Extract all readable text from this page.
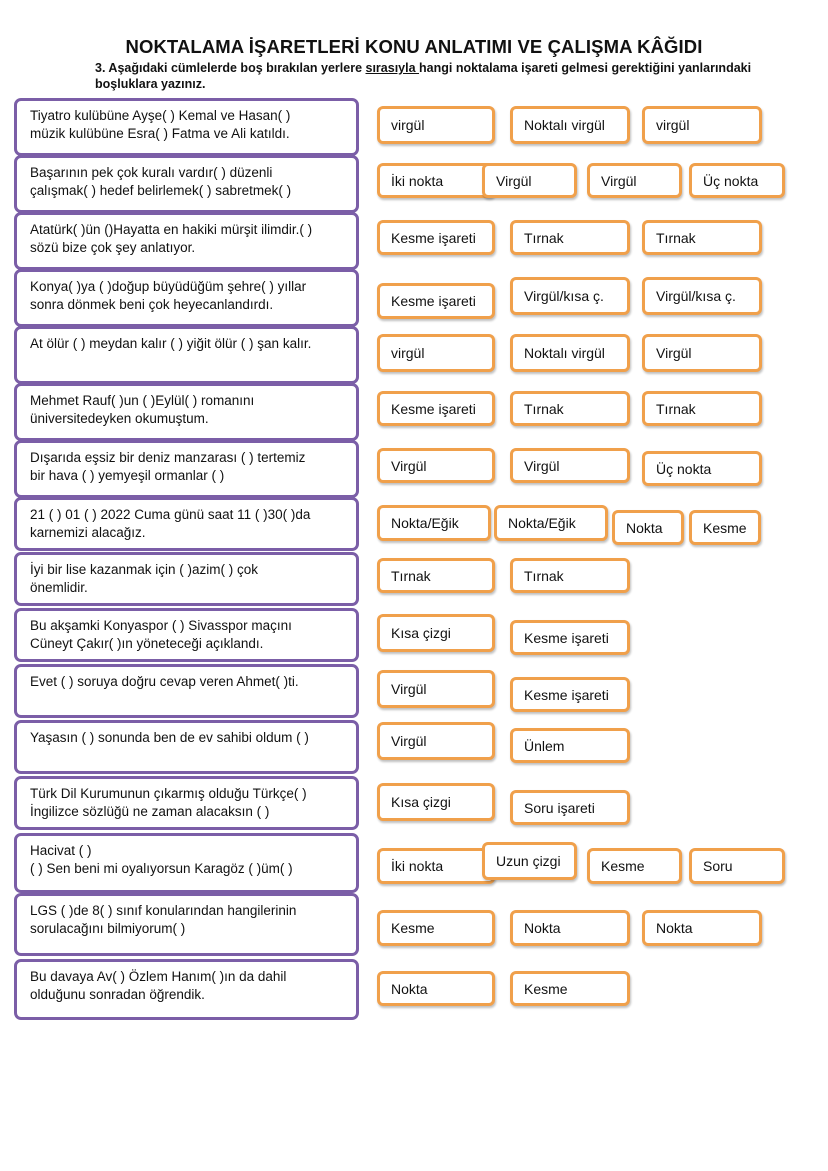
NOKTALAMA İŞARETLERİ KONU ANLATIMI VE ÇALIŞMA KÂĞIDI
3. Aşağıdaki cümlelerde boş bırakılan yerlere sırasıyla hangi noktalama işareti gelmesi gerektiğini yanlarındaki boşluklara yazınız.
Tiyatro kulübüne Ayşe( ) Kemal ve Hasan( )
müzik kulübüne Esra( ) Fatma ve Ali katıldı.
virgül	Noktalı virgül	virgül
Başarının pek çok kuralı vardır( ) düzenli
çalışmak( ) hedef belirlemek( ) sabretmek( )
İki nokta	Virgül	Virgül	Üç nokta
Atatürk( )ün ()Hayatta en hakiki mürşit ilimdir.( )
sözü bize çok şey anlatıyor.
Kesme işareti	Tırnak	Tırnak
Konya( )ya ( )doğup büyüdüğüm şehre( ) yıllar
sonra dönmek beni çok heyecanlandırdı.	Kesme işareti	Virgül/kısa ç.	Virgül/kısa ç.
At ölür ( ) meydan kalır ( ) yiğit ölür ( ) şan kalır.
virgül	Noktalı virgül	Virgül
Mehmet Rauf( )un ( )Eylül( ) romanını
üniversitedeyken okumuştum.
Kesme işareti	Tırnak	Tırnak
Dışarıda eşsiz bir deniz manzarası ( ) tertemiz
bir hava ( ) yemyeşil ormanlar ( )
Virgül	Virgül	Üç nokta
21 ( ) 01 ( ) 2022 Cuma günü saat 11 ( )30( )da
karnemizi alacağız.
Nokta/Eğik	Nokta/Eğik	Nokta	Kesme
İyi bir lise kazanmak için ( )azim( ) çok
önemlidir.
Tırnak	Tırnak
Bu akşamki Konyaspor ( ) Sivasspor maçını
Cüneyt Çakır( )ın yöneteceği açıklandı.
Kısa çizgi	Kesme işareti
Evet ( ) soruya doğru cevap veren Ahmet( )ti.	Virgül	Kesme işareti
Yaşasın ( ) sonunda ben de ev sahibi oldum ( )	Virgül	Ünlem
Türk Dil Kurumunun çıkarmış olduğu Türkçe( )
İngilizce sözlüğü ne zaman alacaksın ( )
Kısa çizgi	Soru işareti
Hacivat ( )
( ) Sen beni mi oyalıyorsun Karagöz ( )üm( )	İki nokta	Uzun çizgi	Kesme	Soru
LGS ( )de 8( ) sınıf konularından hangilerinin
sorulacağını bilmiyorum( )	Kesme	Nokta	Nokta
Bu davaya Av( ) Özlem Hanım( )ın da dahil
olduğunu sonradan öğrendik.	Nokta	Kesme
